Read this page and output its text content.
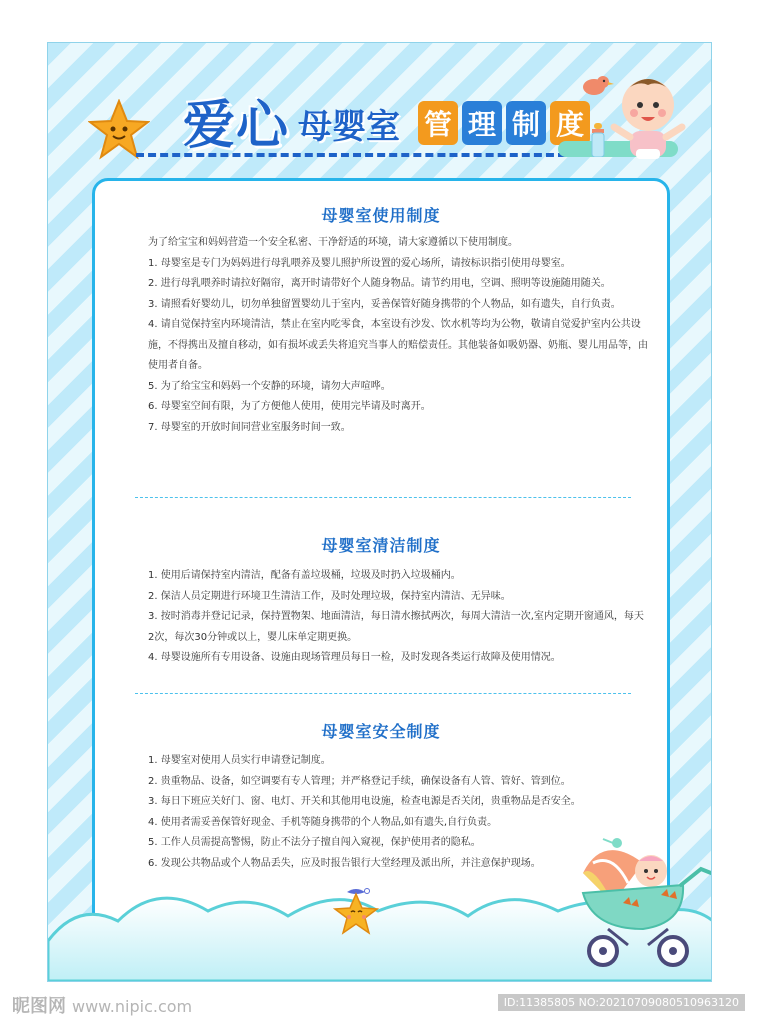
爱心 母婴室 管 理 制 度
母婴室使用制度

为了给宝宝和妈妈营造一个安全私密、干净舒适的环境，请大家遵循以下使用制度。

1. 母婴室是专门为妈妈进行母乳喂养及婴儿照护所设置的爱心场所，请按标识指引使用母婴室。

2. 进行母乳喂养时请拉好隔帘，离开时请带好个人随身物品。请节约用电，空调、照明等设施随用随关。

3. 请照看好婴幼儿，切勿单独留置婴幼儿于室内，妥善保管好随身携带的个人物品，如有遗失，自行负责。

4. 请自觉保持室内环境清洁，禁止在室内吃零食，本室设有沙发、饮水机等均为公物，敬请自觉爱护室内公共设施，不得携出及擅自移动，如有损坏或丢失将追究当事人的赔偿责任。其他装备如吸奶器、奶瓶、婴儿用品等，由使用者自备。

5. 为了给宝宝和妈妈一个安静的环境，请勿大声喧哗。

6. 母婴室空间有限，为了方便他人使用，使用完毕请及时离开。

7. 母婴室的开放时间同营业室服务时间一致。

母婴室清洁制度

1. 使用后请保持室内清洁，配备有盖垃圾桶，垃圾及时扔入垃圾桶内。

2. 保洁人员定期进行环境卫生清洁工作，及时处理垃圾，保持室内清洁、无异味。

3. 按时消毒并登记记录，保持置物架、地面清洁，每日清水擦拭两次，每周大清洁一次,室内定期开窗通风，每天2次，每次30分钟或以上，婴儿床单定期更换。

4. 母婴设施所有专用设备、设施由现场管理员每日一检，及时发现各类运行故障及使用情况。

母婴室安全制度

1. 母婴室对使用人员实行申请登记制度。

2. 贵重物品、设备，如空调要有专人管理；并严格登记手续，确保设备有人管、管好、管到位。

3. 每日下班应关好门、窗、电灯、开关和其他用电设施，检查电源是否关闭，贵重物品是否安全。

4. 使用者需妥善保管好现金、手机等随身携带的个人物品,如有遗失,自行负责。

5. 工作人员需提高警惕，防止不法分子擅自闯入窥视，保护使用者的隐私。

6. 发现公共物品或个人物品丢失，应及时报告银行大堂经理及派出所，并注意保护现场。

昵图网 www.nipic.com	ID:11385805 NO:20210709080510963120
